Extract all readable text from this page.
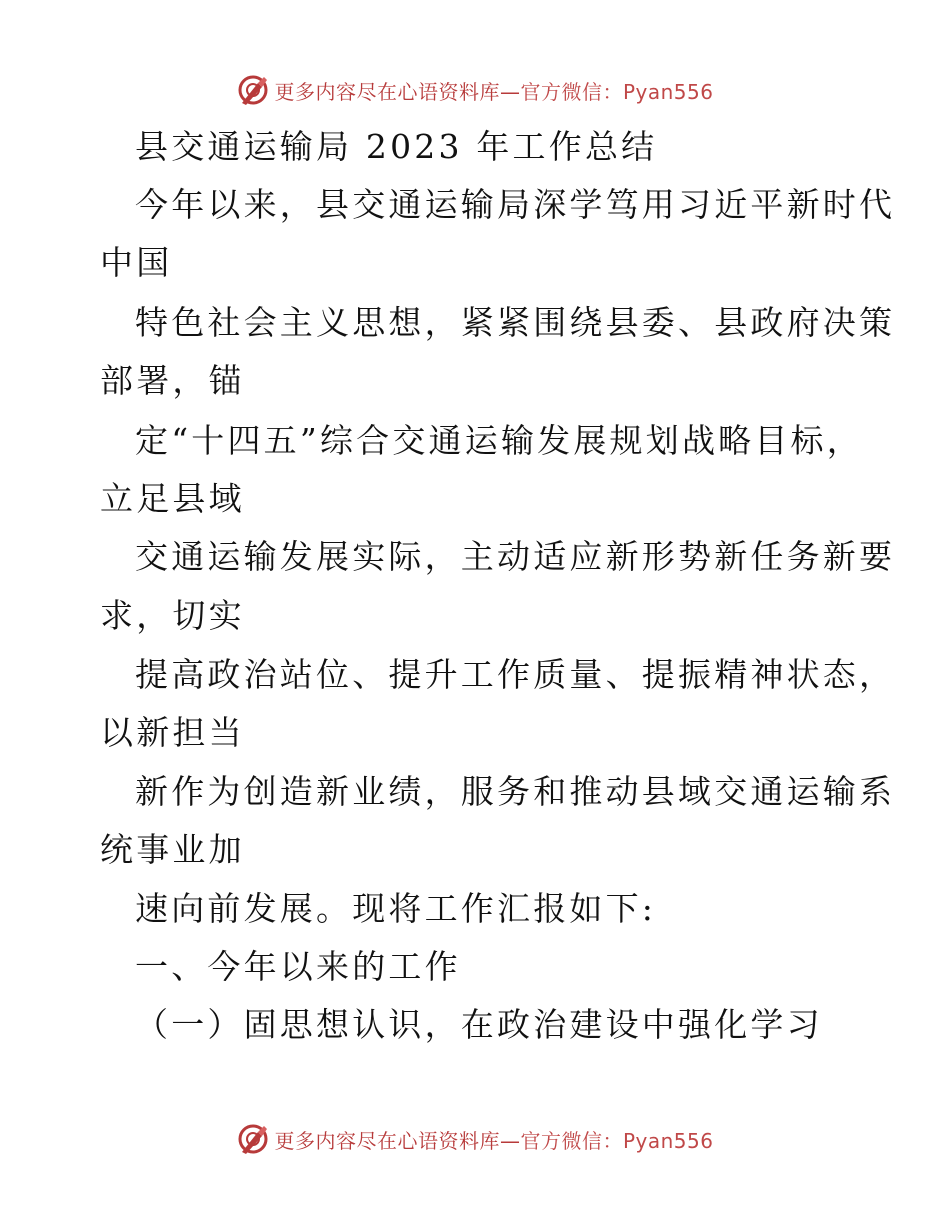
更多内容尽在心语资料库—官方微信：Pyan556
县交通运输局 2023 年工作总结
今年以来，县交通运输局深学笃用习近平新时代
中国
特色社会主义思想，紧紧围绕县委、县政府决策
部署，锚
定“十四五”综合交通运输发展规划战略目标，
立足县域
交通运输发展实际，主动适应新形势新任务新要
求，切实
提高政治站位、提升工作质量、提振精神状态，
以新担当
新作为创造新业绩，服务和推动县域交通运输系
统事业加
速向前发展。现将工作汇报如下:
一、今年以来的工作
（一）固思想认识，在政治建设中强化学习
更多内容尽在心语资料库—官方微信：Pyan556
